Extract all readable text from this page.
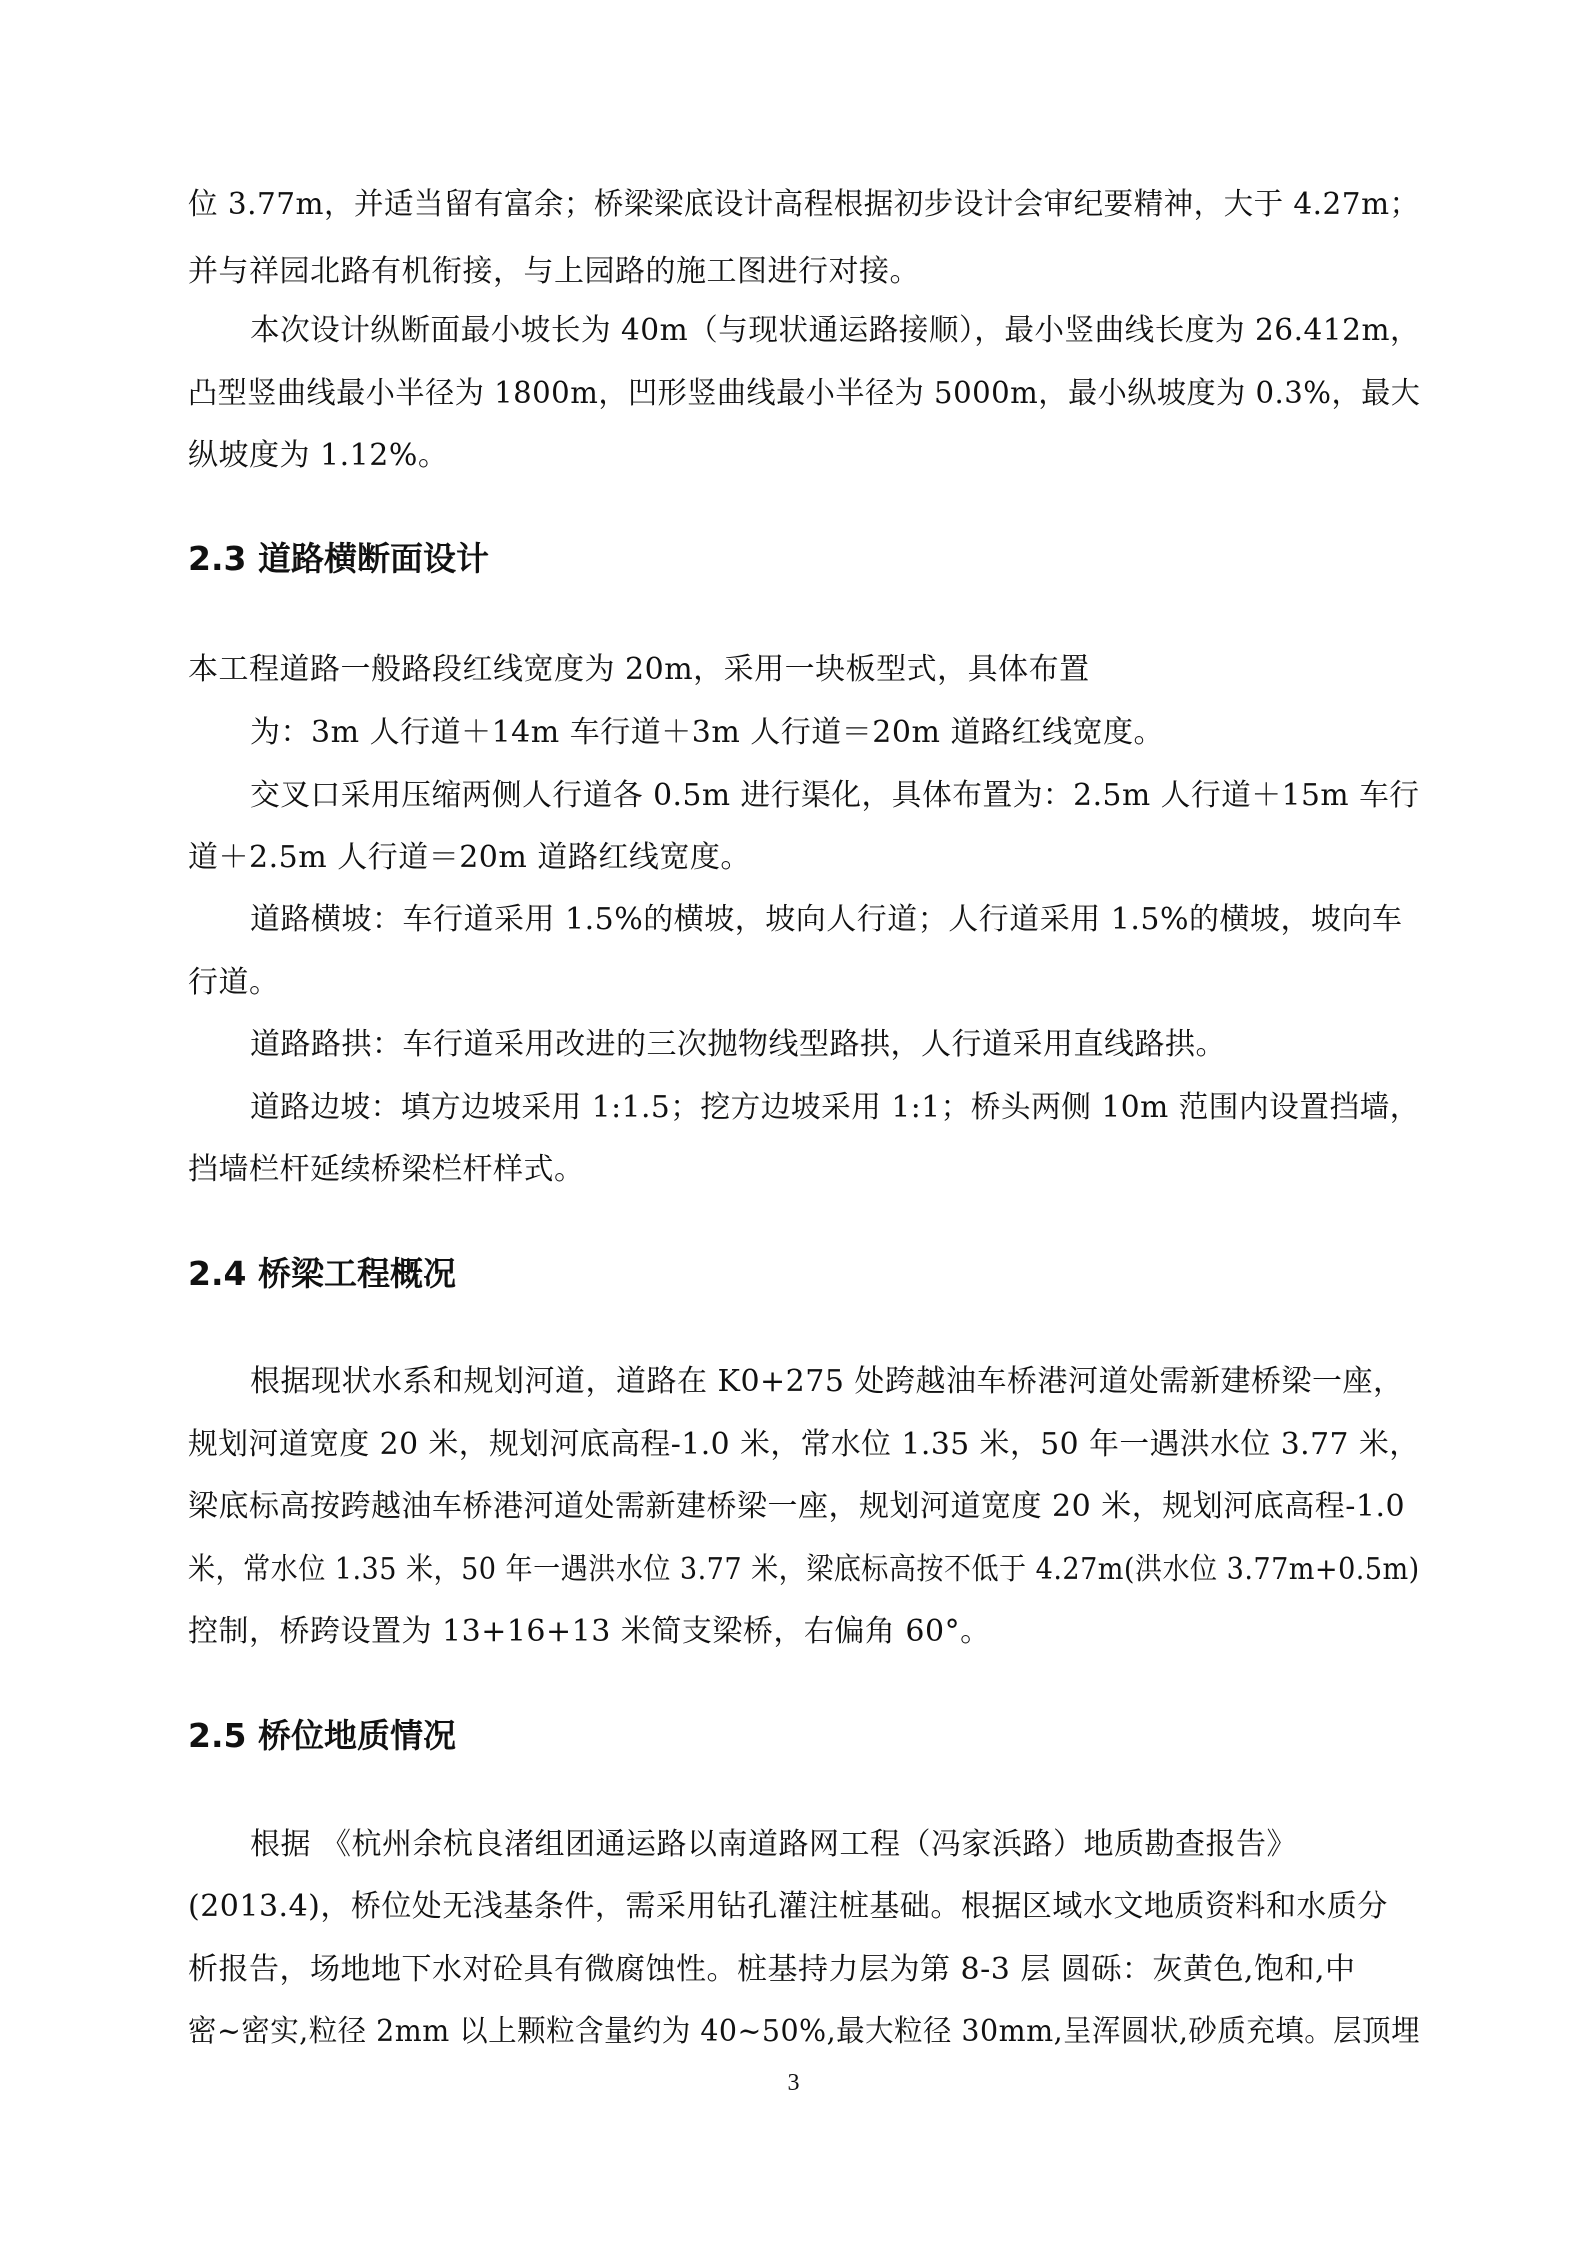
位 3.77m，并适当留有富余；桥梁梁底设计高程根据初步设计会审纪要精神，大于 4.27m；
并与祥园北路有机衔接，与上园路的施工图进行对接。
本次设计纵断面最小坡长为 40m（与现状通运路接顺），最小竖曲线长度为 26.412m，
凸型竖曲线最小半径为 1800m，凹形竖曲线最小半径为 5000m，最小纵坡度为 0.3%，最大
纵坡度为 1.12%。
2.3 道路横断面设计
本工程道路一般路段红线宽度为 20m，采用一块板型式，具体布置
为：3m 人行道＋14m 车行道＋3m 人行道＝20m 道路红线宽度。
交叉口采用压缩两侧人行道各 0.5m 进行渠化，具体布置为：2.5m 人行道＋15m 车行
道＋2.5m 人行道＝20m 道路红线宽度。
道路横坡：车行道采用 1.5%的横坡，坡向人行道；人行道采用 1.5%的横坡，坡向车
行道。
道路路拱：车行道采用改进的三次抛物线型路拱，人行道采用直线路拱。
道路边坡：填方边坡采用 1:1.5；挖方边坡采用 1:1；桥头两侧 10m 范围内设置挡墙，
挡墙栏杆延续桥梁栏杆样式。
2.4 桥梁工程概况
根据现状水系和规划河道，道路在 K0+275 处跨越油车桥港河道处需新建桥梁一座，
规划河道宽度 20 米，规划河底高程-1.0 米，常水位 1.35 米，50 年一遇洪水位 3.77 米，
梁底标高按跨越油车桥港河道处需新建桥梁一座，规划河道宽度 20 米，规划河底高程-1.0
米，常水位 1.35 米，50 年一遇洪水位 3.77 米，梁底标高按不低于 4.27m(洪水位 3.77m+0.5m)
控制，桥跨设置为 13+16+13 米简支梁桥，右偏角 60°。
2.5 桥位地质情况
根据 《杭州余杭良渚组团通运路以南道路网工程（冯家浜路）地质勘查报告》
(2013.4)，桥位处无浅基条件，需采用钻孔灌注桩基础。根据区域水文地质资料和水质分
析报告，场地地下水对砼具有微腐蚀性。桩基持力层为第 8-3 层 圆砾：灰黄色,饱和,中
密~密实,粒径 2mm 以上颗粒含量约为 40~50%,最大粒径 30mm,呈浑圆状,砂质充填。层顶埋
3
